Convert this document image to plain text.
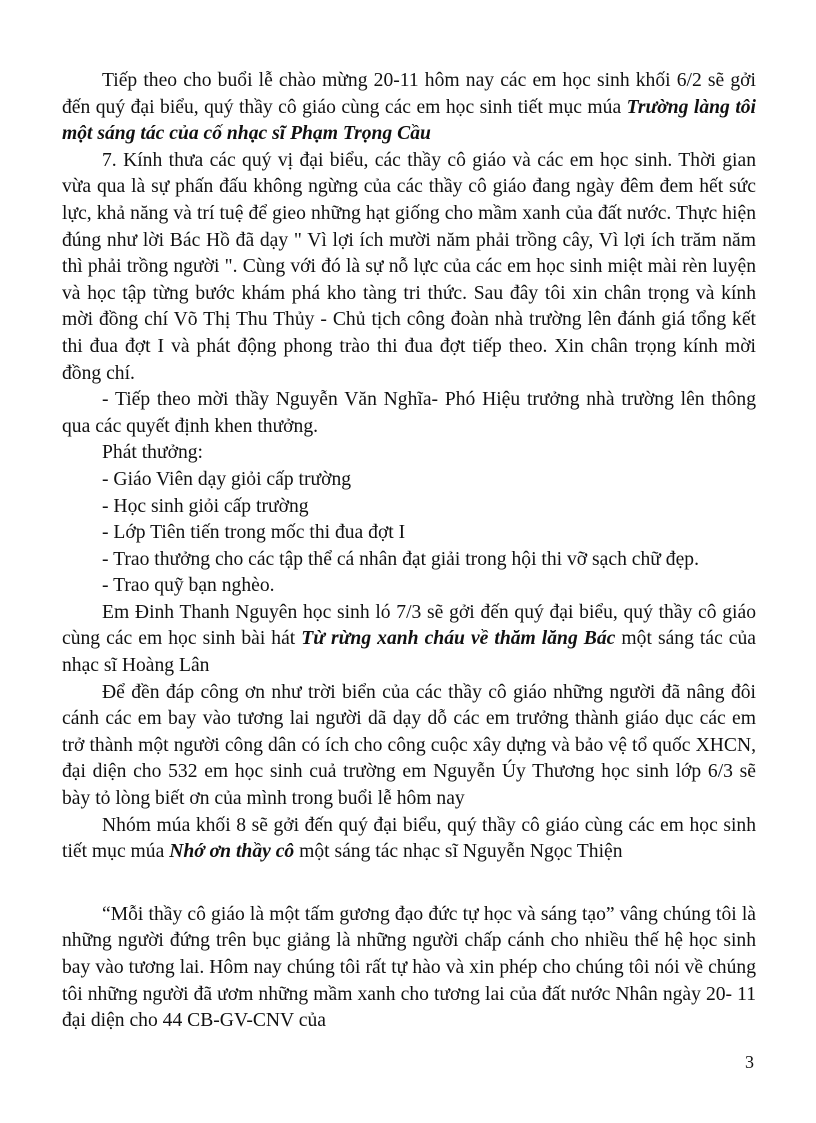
Tiếp theo cho buổi lễ chào mừng 20-11 hôm nay các em học sinh khối 6/2 sẽ gởi đến quý đại biểu, quý thầy cô giáo cùng các em học sinh tiết mục múa Trường làng tôi một sáng tác của cố nhạc sĩ Phạm Trọng Cầu

7. Kính thưa các quý vị đại biểu, các thầy cô giáo và các em học sinh. Thời gian vừa qua là sự phấn đấu không ngừng của các thầy cô giáo đang ngày đêm đem hết sức lực, khả năng và trí tuệ để gieo những hạt giống cho mầm xanh của đất nước. Thực hiện đúng như lời Bác Hồ đã dạy " Vì lợi ích mười năm phải trồng cây, Vì lợi ích trăm năm thì phải trồng người ". Cùng với đó là sự nỗ lực của các em học sinh miệt mài rèn luyện và học tập từng bước khám phá kho tàng tri thức. Sau đây tôi xin chân trọng và kính mời đồng chí Võ Thị Thu Thủy - Chủ tịch công đoàn nhà trường lên đánh giá tổng kết thi đua đợt I và phát động phong trào thi đua đợt tiếp theo. Xin chân trọng kính mời đồng chí.

- Tiếp theo mời thầy Nguyễn Văn Nghĩa- Phó Hiệu trưởng nhà trường lên thông qua các quyết định khen thưởng.

Phát thưởng:

- Giáo Viên dạy giỏi cấp trường

- Học sinh giỏi cấp trường

- Lớp Tiên tiến trong mốc thi đua đợt I

- Trao thưởng cho các tập thể cá nhân đạt giải trong hội thi vỡ sạch chữ đẹp.

- Trao quỹ bạn nghèo.

Em Đinh Thanh Nguyên học sinh ló 7/3 sẽ gởi đến quý đại biểu, quý thầy cô giáo cùng các em học sinh bài hát Từ rừng xanh cháu về thăm lăng Bác một sáng tác của nhạc sĩ Hoàng Lân

Để đền đáp công ơn như trời biển của các thầy cô giáo những người đã nâng đôi cánh các em bay vào tương lai người dã dạy dỗ các em trưởng thành giáo dục các em trở thành một người công dân có ích cho công cuộc xây dựng và bảo vệ tổ quốc XHCN, đại diện cho 532 em học sinh cuả trường em Nguyễn Úy Thương học sinh lớp 6/3 sẽ bày tỏ lòng biết ơn của mình trong buổi lễ hôm nay

Nhóm múa khối 8 sẽ gởi đến quý đại biểu, quý thầy cô giáo cùng các em học sinh tiết mục múa Nhớ ơn thầy cô một sáng tác nhạc sĩ Nguyễn Ngọc Thiện

“Mỗi thầy cô giáo là một tấm gương đạo đức tự học và sáng tạo” vâng chúng tôi là những người đứng trên bục giảng là những người chấp cánh cho nhiều thế hệ học sinh bay vào tương lai. Hôm nay chúng tôi rất tự hào và xin phép cho chúng tôi nói về chúng tôi những người đã ươm những mầm xanh cho tương lai của đất nước Nhân ngày 20- 11 đại diện cho 44 CB-GV-CNV của

3
